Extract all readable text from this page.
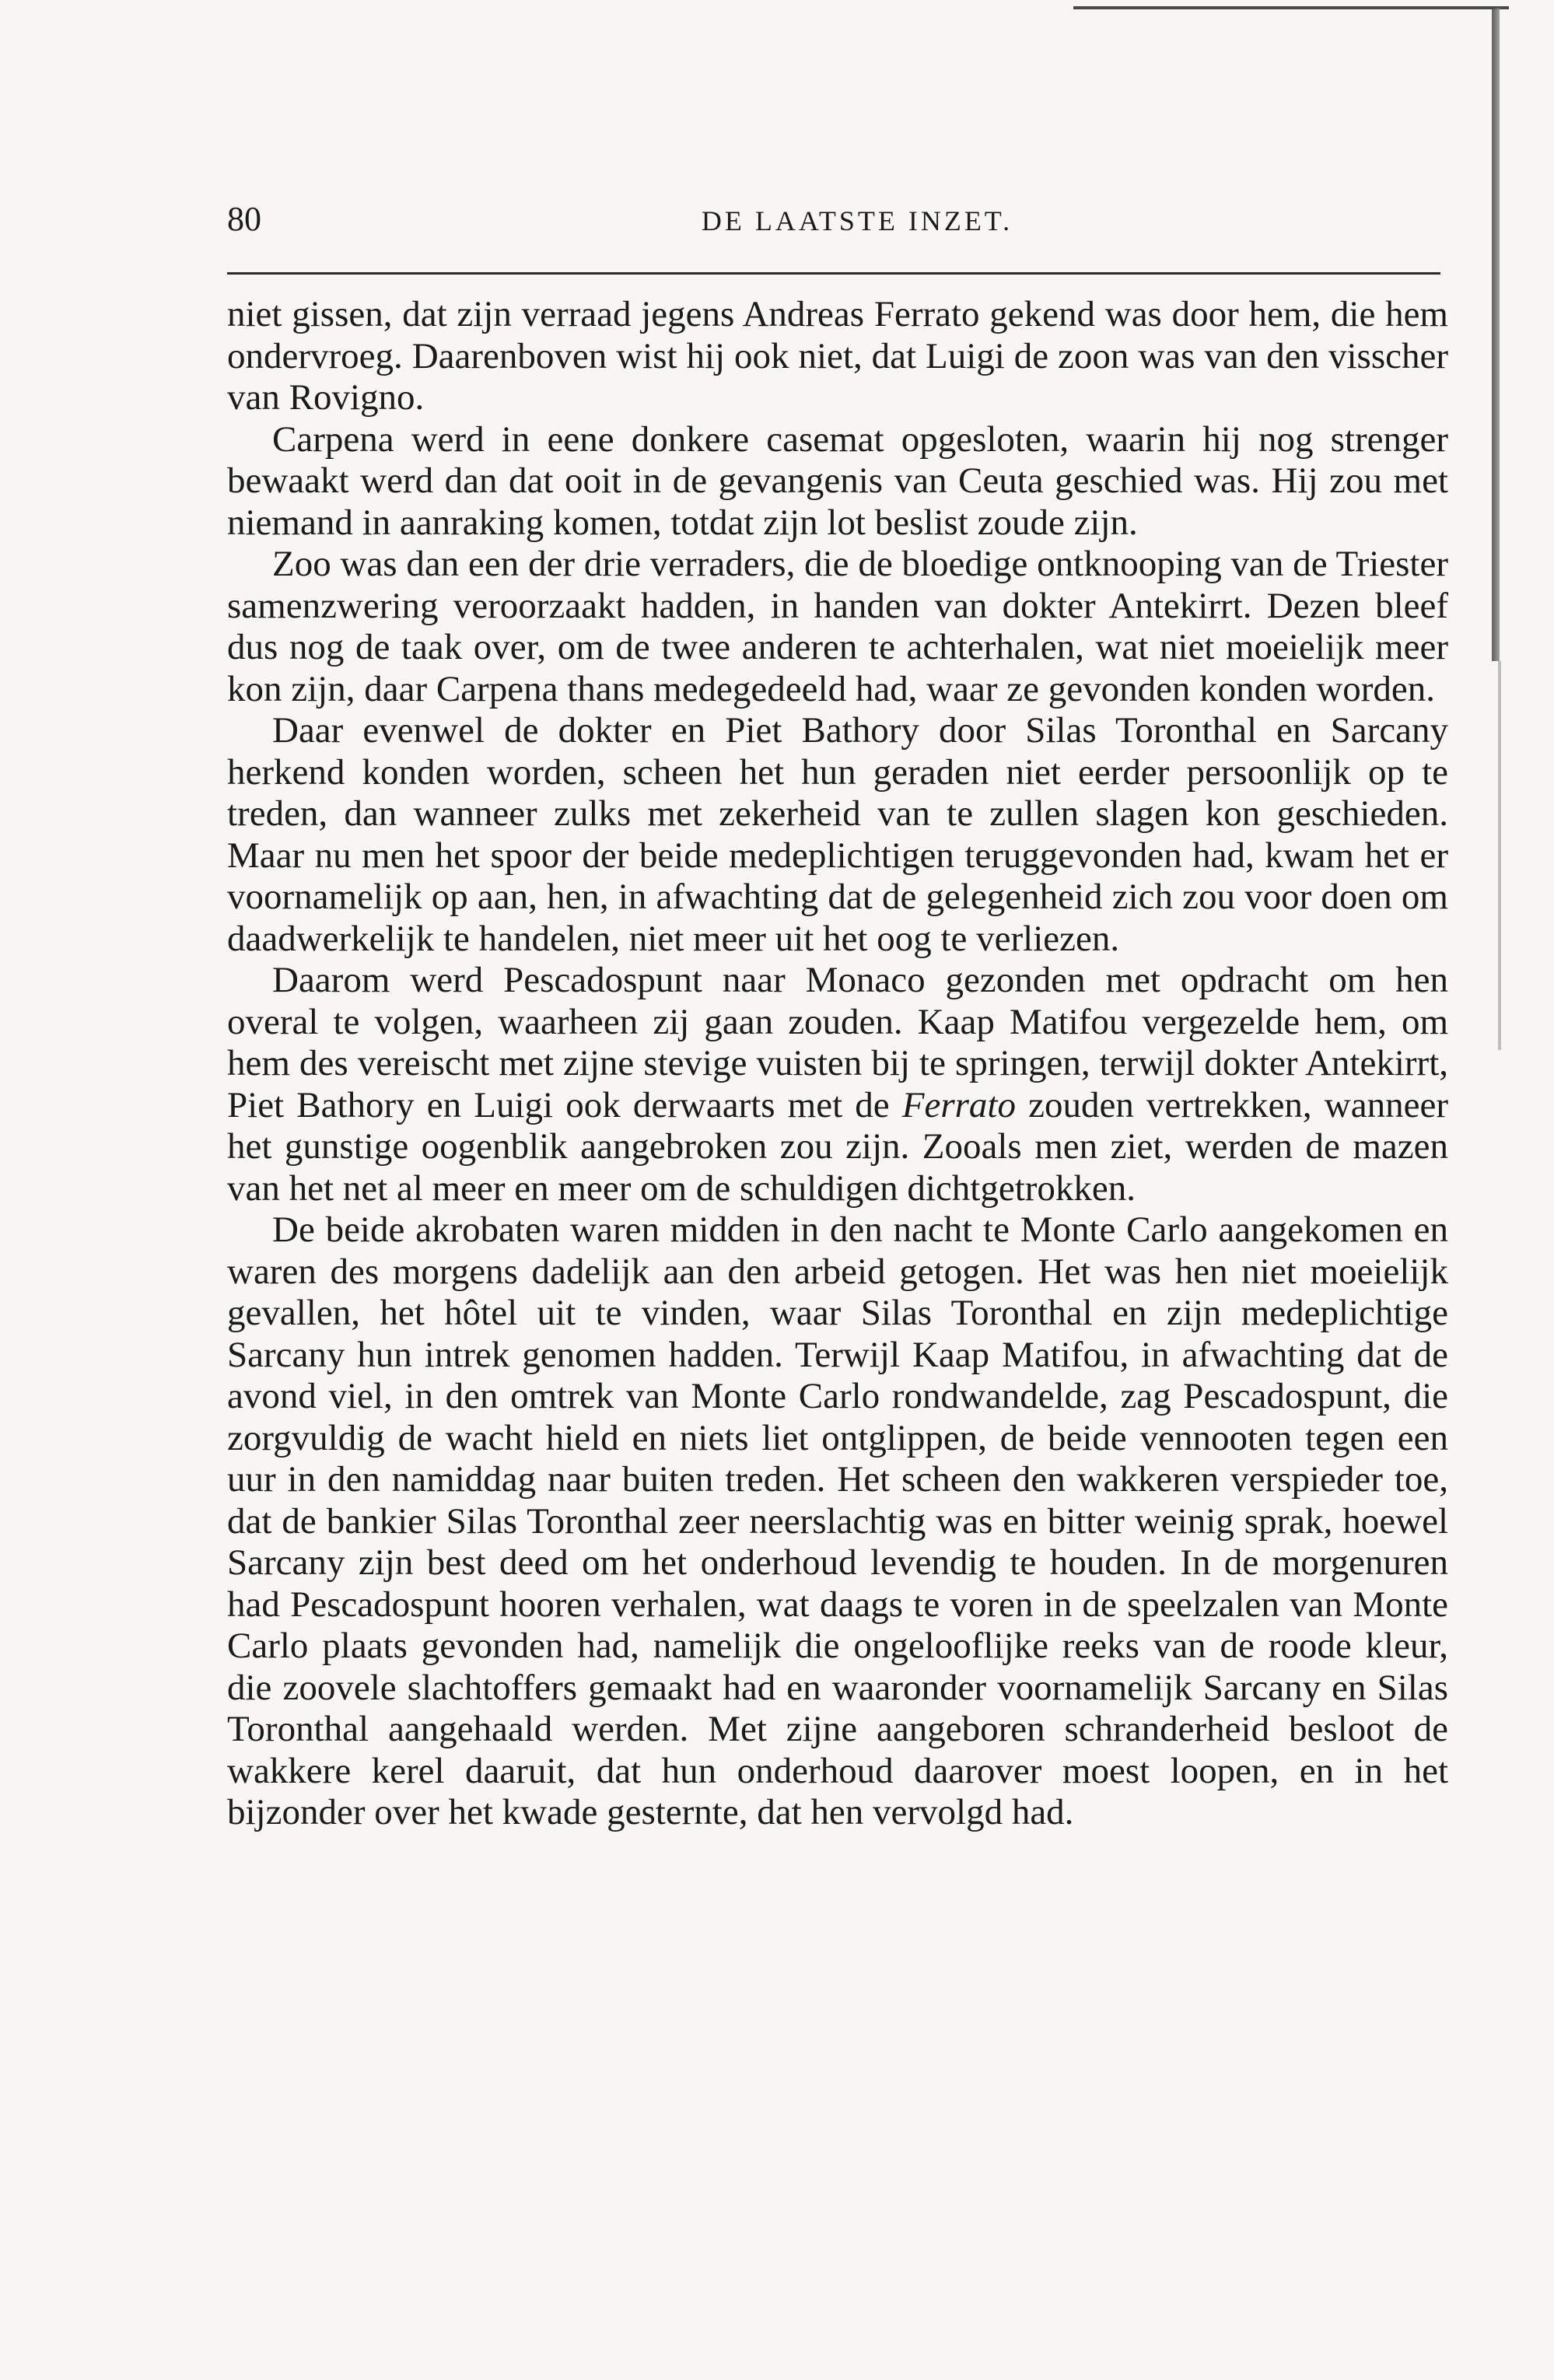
80	DE LAATSTE INZET.

niet gissen, dat zijn verraad jegens Andreas Ferrato gekend was door hem, die hem ondervroeg. Daarenboven wist hij ook niet, dat Luigi de zoon was van den visscher van Rovigno.

Carpena werd in eene donkere casemat opgesloten, waarin hij nog strenger bewaakt werd dan dat ooit in de gevangenis van Ceuta geschied was. Hij zou met niemand in aanraking komen, totdat zijn lot beslist zoude zijn.

Zoo was dan een der drie verraders, die de bloedige ontknooping van de Triester samenzwering veroorzaakt hadden, in handen van dokter Antekirrt. Dezen bleef dus nog de taak over, om de twee anderen te achterhalen, wat niet moeielijk meer kon zijn, daar Carpena thans medegedeeld had, waar ze gevonden konden worden.

Daar evenwel de dokter en Piet Bathory door Silas Toronthal en Sarcany herkend konden worden, scheen het hun geraden niet eerder persoonlijk op te treden, dan wanneer zulks met zekerheid van te zullen slagen kon geschieden. Maar nu men het spoor der beide medeplichtigen teruggevonden had, kwam het er voornamelijk op aan, hen, in afwachting dat de gelegenheid zich zou voor doen om daadwerkelijk te handelen, niet meer uit het oog te verliezen.

Daarom werd Pescadospunt naar Monaco gezonden met opdracht om hen overal te volgen, waarheen zij gaan zouden. Kaap Matifou vergezelde hem, om hem des vereischt met zijne stevige vuisten bij te springen, terwijl dokter Antekirrt, Piet Bathory en Luigi ook derwaarts met de Ferrato zouden vertrekken, wanneer het gunstige oogenblik aangebroken zou zijn. Zooals men ziet, werden de mazen van het net al meer en meer om de schuldigen dichtgetrokken.

De beide akrobaten waren midden in den nacht te Monte Carlo aangekomen en waren des morgens dadelijk aan den arbeid getogen. Het was hen niet moeielijk gevallen, het hôtel uit te vinden, waar Silas Toronthal en zijn medeplichtige Sarcany hun intrek genomen hadden. Terwijl Kaap Matifou, in afwachting dat de avond viel, in den omtrek van Monte Carlo rondwandelde, zag Pescadospunt, die zorgvuldig de wacht hield en niets liet ontglippen, de beide vennooten tegen een uur in den namiddag naar buiten treden. Het scheen den wakkeren verspieder toe, dat de bankier Silas Toronthal zeer neerslachtig was en bitter weinig sprak, hoewel Sarcany zijn best deed om het onderhoud levendig te houden. In de morgenuren had Pescadospunt hooren verhalen, wat daags te voren in de speelzalen van Monte Carlo plaats gevonden had, namelijk die ongelooflijke reeks van de roode kleur, die zoovele slachtoffers gemaakt had en waaronder voornamelijk Sarcany en Silas Toronthal aangehaald werden. Met zijne aangeboren schranderheid besloot de wakkere kerel daaruit, dat hun onderhoud daarover moest loopen, en in het bijzonder over het kwade gesternte, dat hen vervolgd had.
